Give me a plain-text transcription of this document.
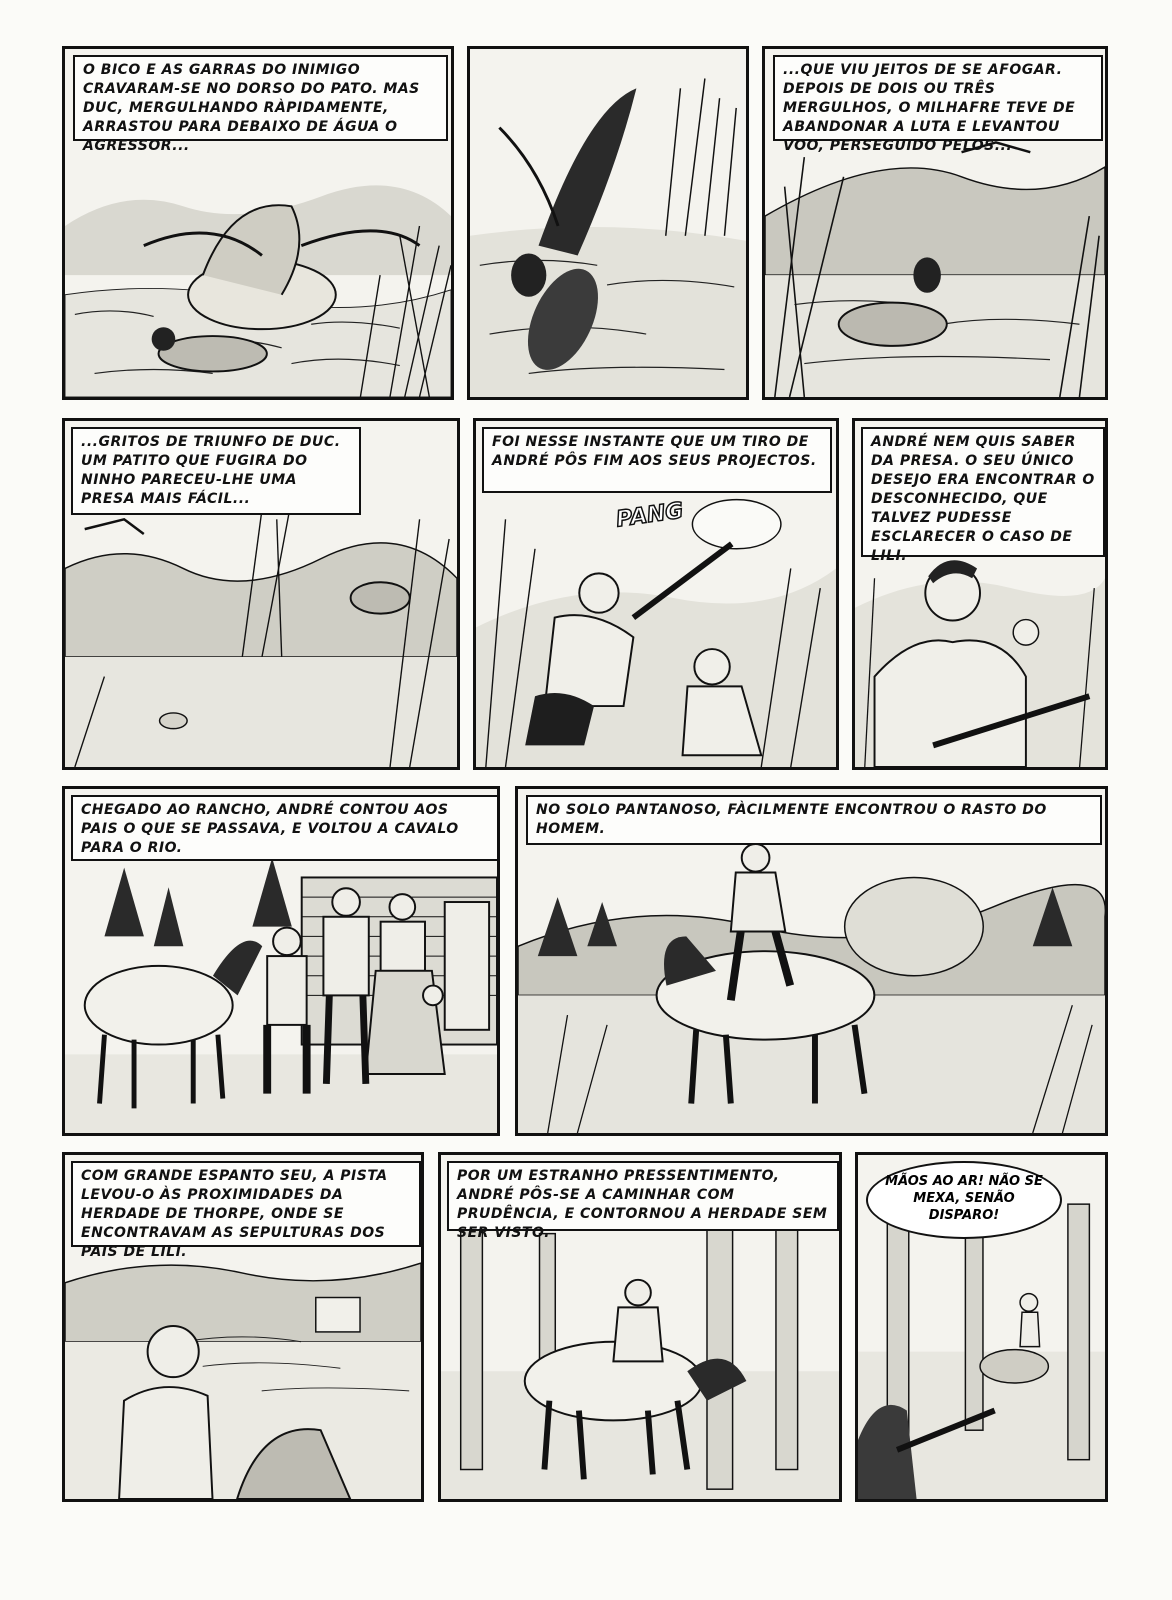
O BICO E AS GARRAS DO INIMIGO CRAVARAM-SE NO DORSO DO PATO. MAS DUC, MERGULHANDO RÀPIDAMENTE, ARRASTOU PARA DEBAIXO DE ÁGUA O AGRESSOR...
...QUE VIU JEITOS DE SE AFOGAR. DEPOIS DE DOIS OU TRÊS MERGULHOS, O MILHAFRE TEVE DE ABANDONAR A LUTA E LEVANTOU VOO, PERSEGUIDO PELOS...
...GRITOS DE TRIUNFO DE DUC. UM PATITO QUE FUGIRA DO NINHO PARECEU-LHE UMA PRESA MAIS FÁCIL...
FOI NESSE INSTANTE QUE UM TIRO DE ANDRÉ PÔS FIM AOS SEUS PROJECTOS.
PANG
ANDRÉ NEM QUIS SABER DA PRESA. O SEU ÚNICO DESEJO ERA ENCONTRAR O DESCONHECIDO, QUE TALVEZ PUDESSE ESCLARECER O CASO DE LILI.
CHEGADO AO RANCHO, ANDRÉ CONTOU AOS PAIS O QUE SE PASSAVA, E VOLTOU A CAVALO PARA O RIO.
NO SOLO PANTANOSO, FÀCILMENTE ENCONTROU O RASTO DO HOMEM.
COM GRANDE ESPANTO SEU, A PISTA LEVOU-O ÀS PROXIMIDADES DA HERDADE DE THORPE, ONDE SE ENCONTRAVAM AS SEPULTURAS DOS PAIS DE LILI.
POR UM ESTRANHO PRESSENTIMENTO, ANDRÉ PÔS-SE A CAMINHAR COM PRUDÊNCIA, E CONTORNOU A HERDADE SEM SER VISTO.
MÃOS AO AR! NÃO SE MEXA, SENÃO DISPARO!
